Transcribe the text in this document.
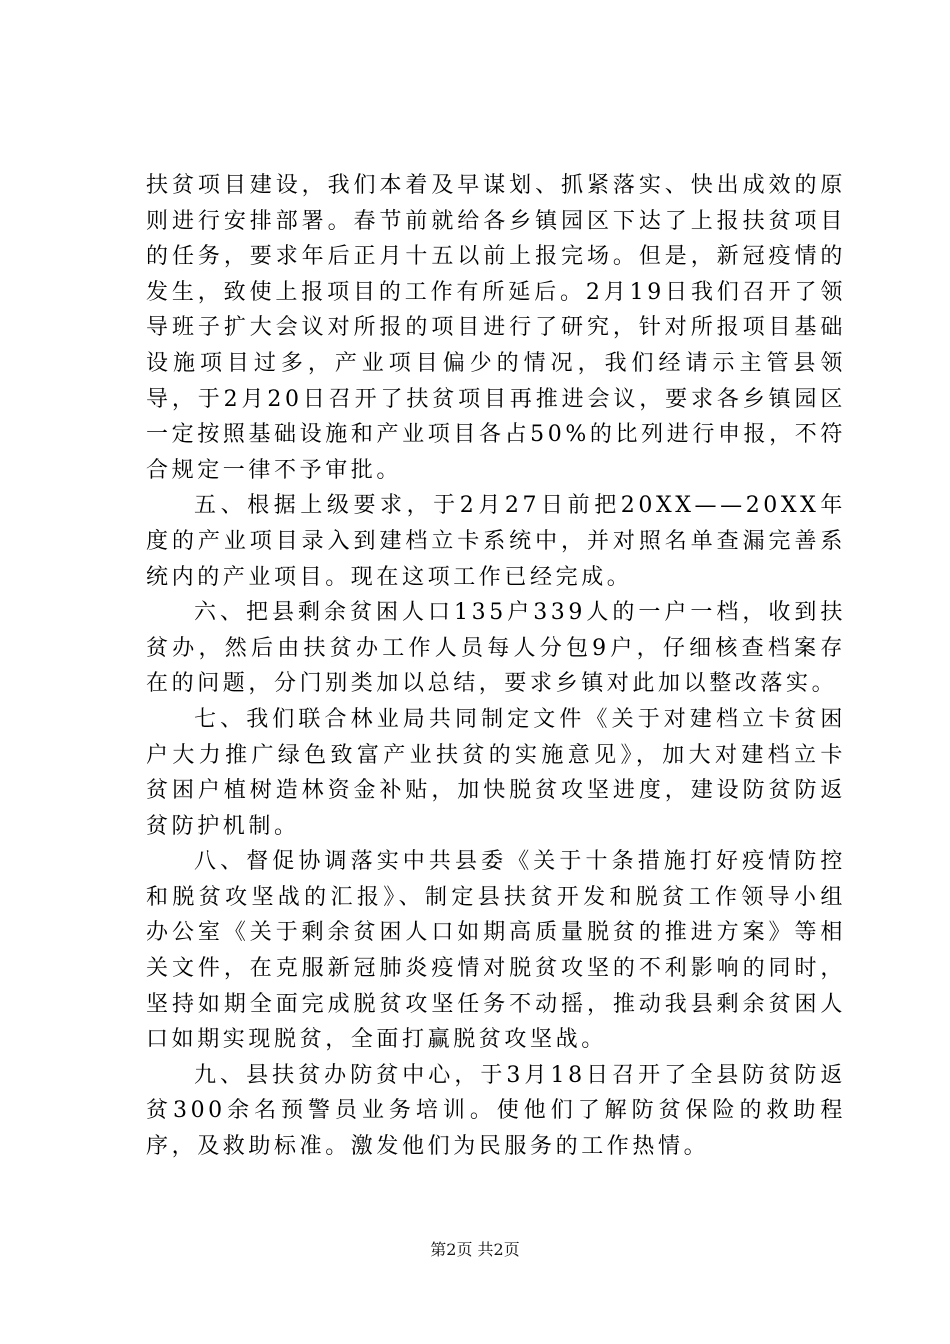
扶贫项目建设，我们本着及早谋划、抓紧落实、快出成效的原则进行安排部署。春节前就给各乡镇园区下达了上报扶贫项目的任务，要求年后正月十五以前上报完场。但是，新冠疫情的发生，致使上报项目的工作有所延后。2月19日我们召开了领导班子扩大会议对所报的项目进行了研究，针对所报项目基础设施项目过多，产业项目偏少的情况，我们经请示主管县领导，于2月20日召开了扶贫项目再推进会议，要求各乡镇园区一定按照基础设施和产业项目各占50%的比列进行申报，不符合规定一律不予审批。

五、根据上级要求，于2月27日前把20XX——20XX年度的产业项目录入到建档立卡系统中，并对照名单查漏完善系统内的产业项目。现在这项工作已经完成。

六、把县剩余贫困人口135户339人的一户一档，收到扶贫办，然后由扶贫办工作人员每人分包9户，仔细核查档案存在的问题，分门别类加以总结，要求乡镇对此加以整改落实。

七、我们联合林业局共同制定文件《关于对建档立卡贫困户大力推广绿色致富产业扶贫的实施意见》，加大对建档立卡贫困户植树造林资金补贴，加快脱贫攻坚进度，建设防贫防返贫防护机制。

八、督促协调落实中共县委《关于十条措施打好疫情防控和脱贫攻坚战的汇报》、制定县扶贫开发和脱贫工作领导小组办公室《关于剩余贫困人口如期高质量脱贫的推进方案》等相关文件，在克服新冠肺炎疫情对脱贫攻坚的不利影响的同时，坚持如期全面完成脱贫攻坚任务不动摇，推动我县剩余贫困人口如期实现脱贫，全面打赢脱贫攻坚战。

九、县扶贫办防贫中心，于3月18日召开了全县防贫防返贫300余名预警员业务培训。使他们了解防贫保险的救助程序，及救助标准。激发他们为民服务的工作热情。

第2页 共2页
